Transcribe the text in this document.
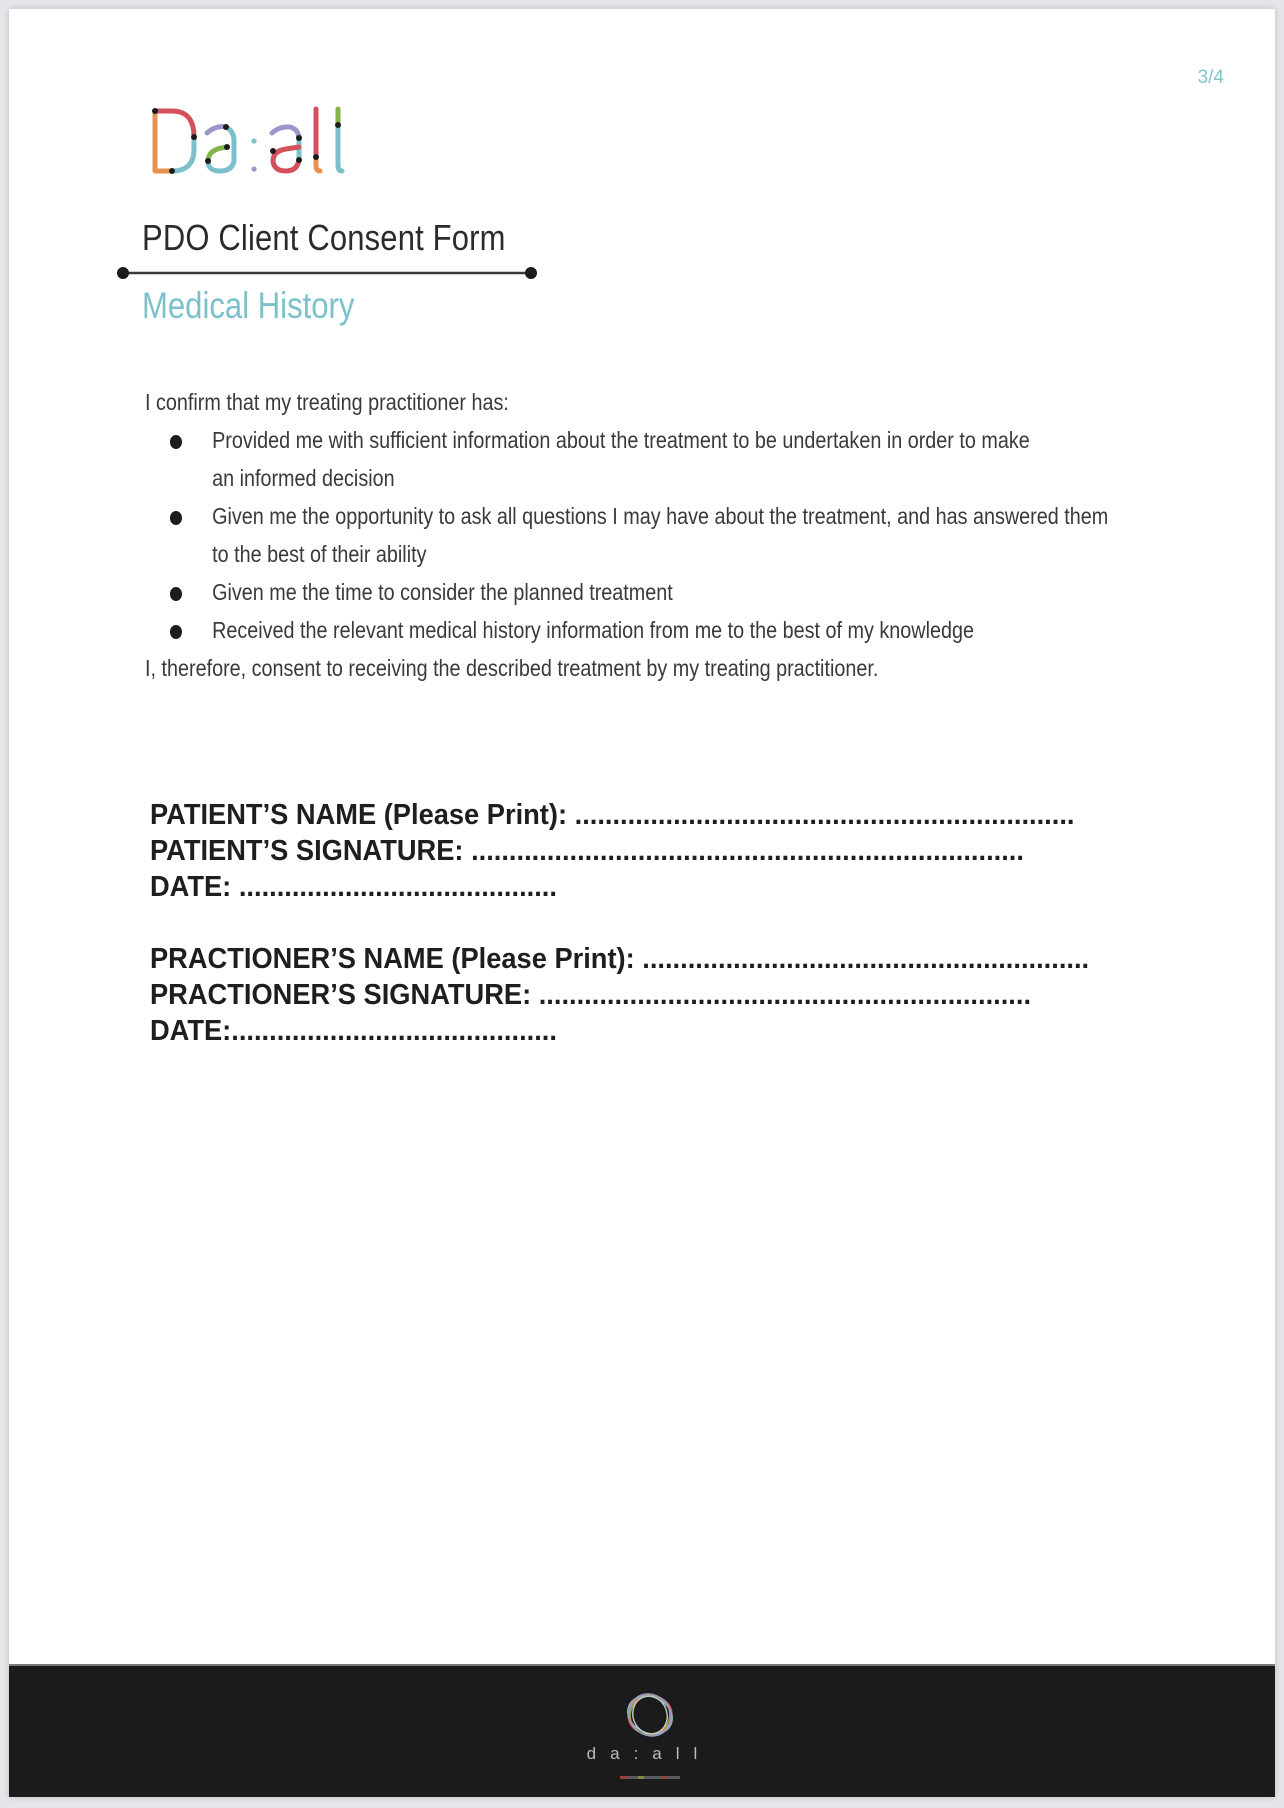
3/4
PDO Client Consent Form
Medical History
I confirm that my treating practitioner has:
Provided me with sufficient information about the treatment to be undertaken in order to make
an informed decision
Given me the opportunity to ask all questions I may have about the treatment, and has answered them
to the best of their ability
Given me the time to consider the planned treatment
Received the relevant medical history information from me to the best of my knowledge
I, therefore, consent to receiving the described treatment by my treating practitioner.
PATIENT’S NAME (Please Print): ..................................................................
PATIENT’S SIGNATURE: .........................................................................
DATE: ..........................................
PRACTIONER’S NAME (Please Print): ...........................................................
PRACTIONER’S SIGNATURE: .................................................................
DATE:...........................................
da:all
